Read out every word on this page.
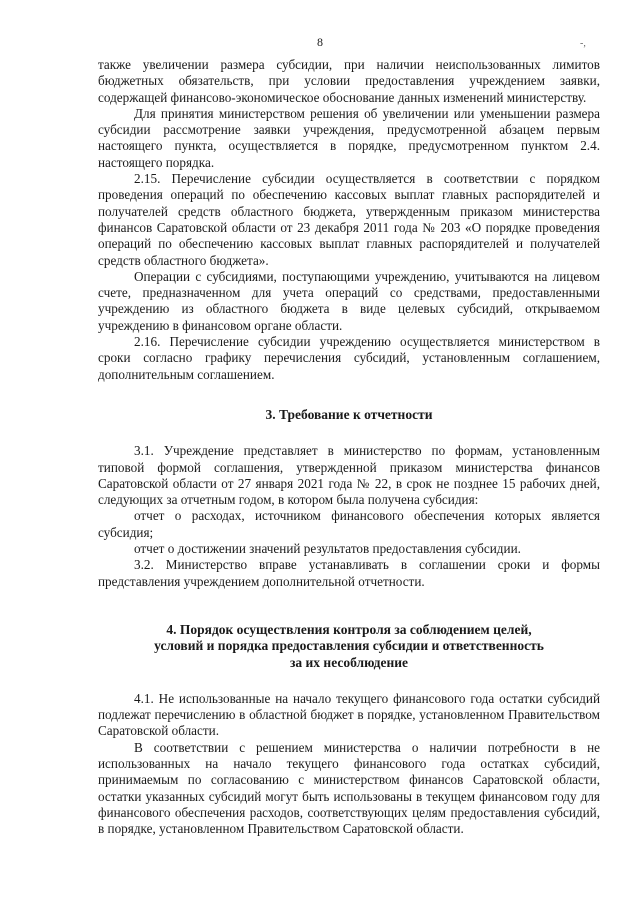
8	-,

также увеличении размера субсидии, при наличии неиспользованных лимитов бюджетных обязательств, при условии предоставления учреждением заявки, содержащей финансово-экономическое обоснование данных изменений министерству.

Для принятия министерством решения об увеличении или уменьшении размера субсидии рассмотрение заявки учреждения, предусмотренной абзацем первым настоящего пункта, осуществляется в порядке, предусмотренном пунктом 2.4. настоящего порядка.

2.15. Перечисление субсидии осуществляется в соответствии с порядком проведения операций по обеспечению кассовых выплат главных распорядителей и получателей средств областного бюджета, утвержденным приказом министерства финансов Саратовской области от 23 декабря 2011 года № 203 «О порядке проведения операций по обеспечению кассовых выплат главных распорядителей и получателей средств областного бюджета».

Операции с субсидиями, поступающими учреждению, учитываются на лицевом счете, предназначенном для учета операций со средствами, предоставленными учреждению из областного бюджета в виде целевых субсидий, открываемом учреждению в финансовом органе области.

2.16. Перечисление субсидии учреждению осуществляется министерством в сроки согласно графику перечисления субсидий, установленным соглашением, дополнительным соглашением.

3. Требование к отчетности

3.1. Учреждение представляет в министерство по формам, установленным типовой формой соглашения, утвержденной приказом министерства финансов Саратовской области от 27 января 2021 года № 22, в срок не позднее 15 рабочих дней, следующих за отчетным годом, в котором была получена субсидия:

отчет о расходах, источником финансового обеспечения которых является субсидия;

отчет о достижении значений результатов предоставления субсидии.

3.2. Министерство вправе устанавливать в соглашении сроки и формы представления учреждением дополнительной отчетности.

4. Порядок осуществления контроля за соблюдением целей,
условий и порядка предоставления субсидии и ответственность
за их несоблюдение

4.1. Не использованные на начало текущего финансового года остатки субсидий подлежат перечислению в областной бюджет в порядке, установленном Правительством Саратовской области.

В соответствии с решением министерства о наличии потребности в не использованных на начало текущего финансового года остатках субсидий, принимаемым по согласованию с министерством финансов Саратовской области, остатки указанных субсидий могут быть использованы в текущем финансовом году для финансового обеспечения расходов, соответствующих целям предоставления субсидий, в порядке, установленном Правительством Саратовской области.
